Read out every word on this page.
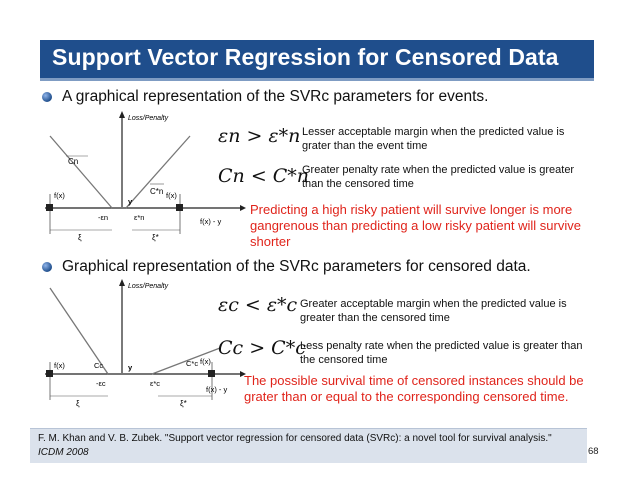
Support Vector Regression for Censored Data
A graphical representation of the SVRc parameters for events.
Loss/Penalty
Cn
C*n
f(x)	f(x)
y
-εn	ε*n
ξ	ξ*
f(x) - y
εn > ε*n Lesser acceptable margin when the predicted value is grater than the event time
Cn < C*n
Greater penalty rate when the predicted value is greater than the censored time
Predicting a high risky patient will survive longer is more gangrenous than predicting a low risky patient will survive shorter
Graphical representation of the SVRc parameters for censored data.
Loss/Penalty
Cc	C*c
f(x)	f(x)
y
-εc	ε*c
ξ	ξ*
f(x) - y
εc < ε*c Greater acceptable margin when the predicted value is greater than the censored time
Cc > C*c
Less penalty rate when the predicted value is greater than the censored time
The possible survival time of censored instances should be grater than or equal to the corresponding censored time.
F. M. Khan and V. B. Zubek. "Support vector regression for censored data (SVRc): a novel tool for survival analysis." ICDM 2008	68
